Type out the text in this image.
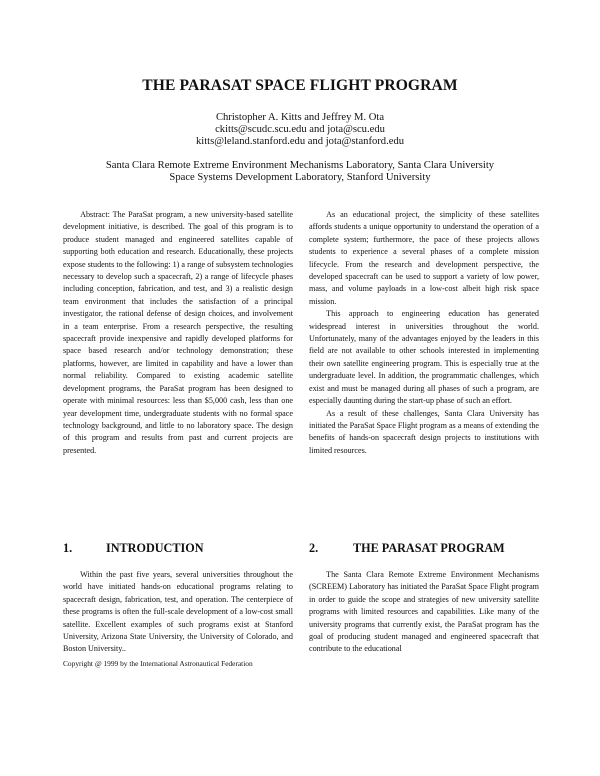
THE PARASAT SPACE FLIGHT PROGRAM
Christopher A. Kitts and Jeffrey M. Ota
ckitts@scudc.scu.edu and jota@scu.edu
kitts@leland.stanford.edu and jota@stanford.edu
Santa Clara Remote Extreme Environment Mechanisms Laboratory, Santa Clara University
Space Systems Development Laboratory, Stanford University

Abstract: The ParaSat program, a new university-based satellite development initiative, is described. The goal of this program is to produce student managed and engineered satellites capable of supporting both education and research. Educationally, these projects expose students to the following: 1) a range of subsystem technologies necessary to develop such a spacecraft, 2) a range of lifecycle phases including conception, fabrication, and test, and 3) a realistic design team environment that includes the satisfaction of a principal investigator, the rational defense of design choices, and involvement in a team enterprise. From a research perspective, the resulting spacecraft provide inexpensive and rapidly developed platforms for space based research and/or technology demonstration; these platforms, however, are limited in capability and have a lower than normal reliability. Compared to existing academic satellite development programs, the ParaSat program has been designed to operate with minimal resources: less than $5,000 cash, less than one year development time, undergraduate students with no formal space technology background, and little to no laboratory space. The design of this program and results from past and current projects are presented.

As an educational project, the simplicity of these satellites affords students a unique opportunity to understand the operation of a complete system; furthermore, the pace of these projects allows students to experience a several phases of a complete mission lifecycle. From the research and development perspective, the developed spacecraft can be used to support a variety of low power, mass, and volume payloads in a low-cost albeit high risk space mission.

This approach to engineering education has generated widespread interest in universities throughout the world. Unfortunately, many of the advantages enjoyed by the leaders in this field are not available to other schools interested in implementing their own satellite engineering program. This is especially true at the undergraduate level. In addition, the programmatic challenges, which exist and must be managed during all phases of such a program, are especially daunting during the start-up phase of such an effort.

As a result of these challenges, Santa Clara University has initiated the ParaSat Space Flight program as a means of extending the benefits of hands-on spacecraft design projects to institutions with limited resources.

1.	INTRODUCTION	2.	THE PARASAT PROGRAM

Within the past five years, several universities throughout the world have initiated hands-on educational programs relating to spacecraft design, fabrication, test, and operation. The centerpiece of these programs is often the full-scale development of a low-cost small satellite. Excellent examples of such programs exist at Stanford University, Arizona State University, the University of Colorado, and Boston University..

The Santa Clara Remote Extreme Environment Mechanisms (SCREEM) Laboratory has initiated the ParaSat Space Flight program in order to guide the scope and strategies of new university satellite programs with limited resources and capabilities. Like many of the university programs that currently exist, the ParaSat program has the goal of producing student managed and engineered spacecraft that contribute to the educational

Copyright @ 1999 by the International Astronautical Federation
